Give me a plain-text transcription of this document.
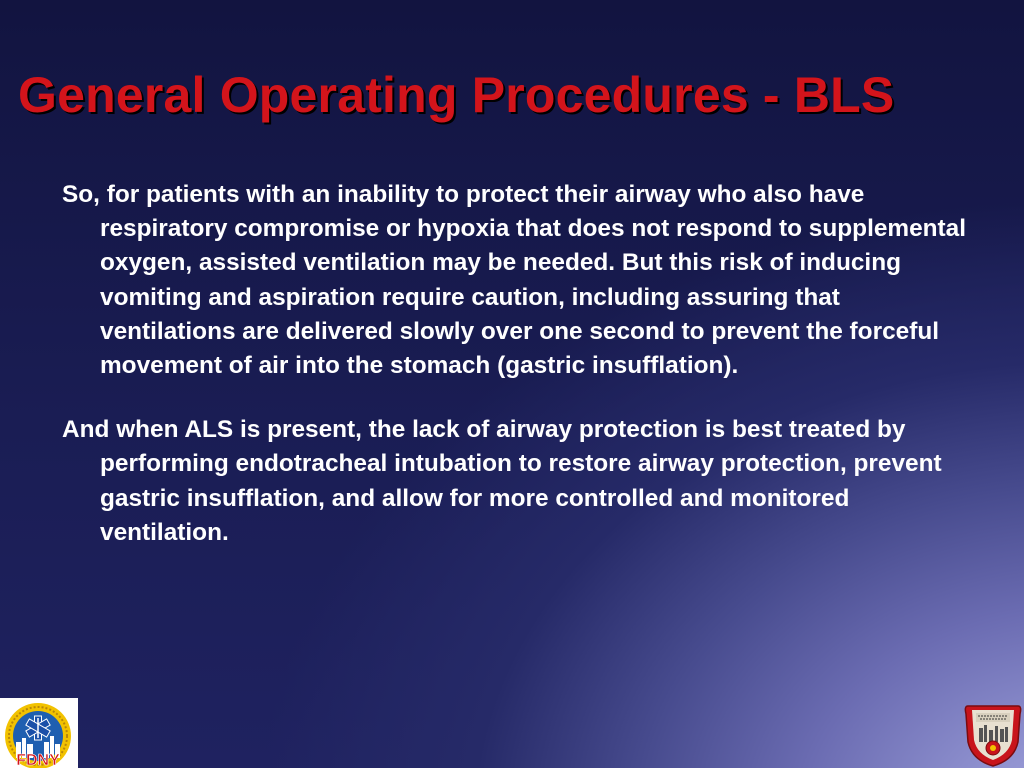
General Operating Procedures - BLS

So, for patients with an inability to protect their airway who also have respiratory compromise or hypoxia that does not respond to supplemental oxygen, assisted ventilation may be needed. But this risk of inducing vomiting and aspiration require caution, including assuring that ventilations are delivered slowly over one second to prevent the forceful movement of air into the stomach (gastric insufflation).

And when ALS is present, the lack of airway protection is best treated by performing endotracheal intubation to restore airway protection, prevent gastric insufflation, and allow for more controlled and monitored ventilation.

FDNY
